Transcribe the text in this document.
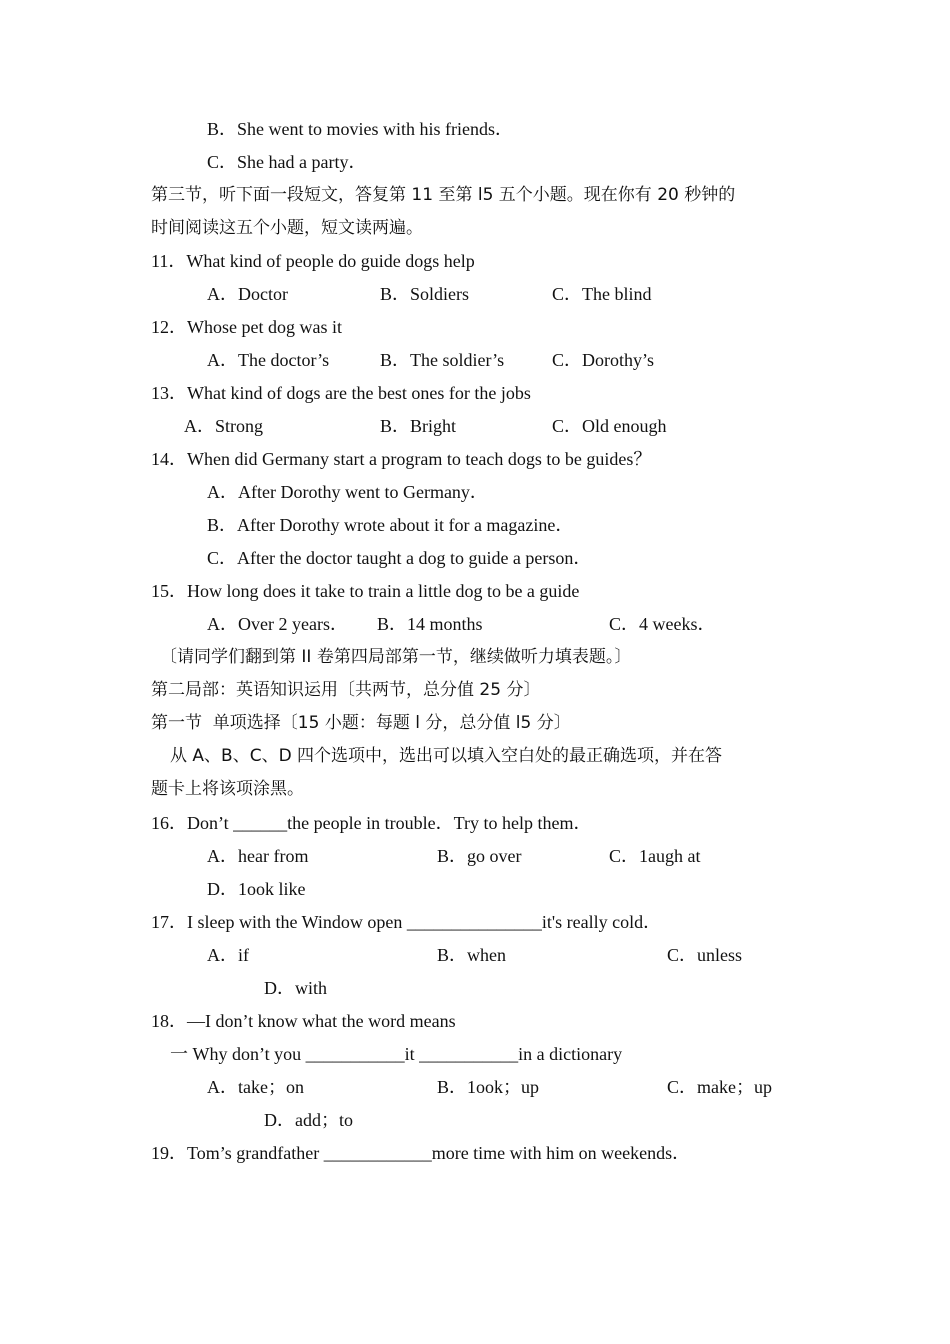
B．She went to movies with his friends．
C．She had a party．
第三节，听下面一段短文，答复第 11 至第 l5 五个小题。现在你有 20 秒钟的
时间阅读这五个小题，短文读两遍。
11．What kind of people do guide dogs help
A．Doctor	B．Soldiers	C．The blind
12．Whose pet dog was it
A．The doctor’s	B．The soldier’s	C．Dorothy’s
13．What kind of dogs are the best ones for the jobs
A．Strong	B．Bright	C．Old enough
14．When did Germany start a program to teach dogs to be guides？
A．After Dorothy went to Germany．
B．After Dorothy wrote about it for a magazine．
C．After the doctor taught a dog to guide a person．
15．How long does it take to train a little dog to be a guide
A．Over 2 years． B．14 months	C．4 weeks．
〔请同学们翻到第 II 卷第四局部第一节，继续做听力填表题。〕
第二局部：英语知识运用〔共两节，总分值 25 分〕
第一节  单项选择〔15 小题：每题 l 分，总分值 l5 分〕
从 A、B、C、D 四个选项中，选出可以填入空白处的最正确选项，并在答
题卡上将该项涂黑。
16．Don’t ______the people in trouble．Try to help them．
A．hear from	B．go over	C．1augh at
D．1ook like
17．I sleep with the Window open _______________it's really cold．
A．if	B．when	C．unless
D．with
18．—I don’t know what the word means
一 Why don’t you ___________it ___________in a dictionary
A．take；on	B．1ook；up	C．make；up
D．add；to
19．Tom’s grandfather ____________more time with him on weekends．
